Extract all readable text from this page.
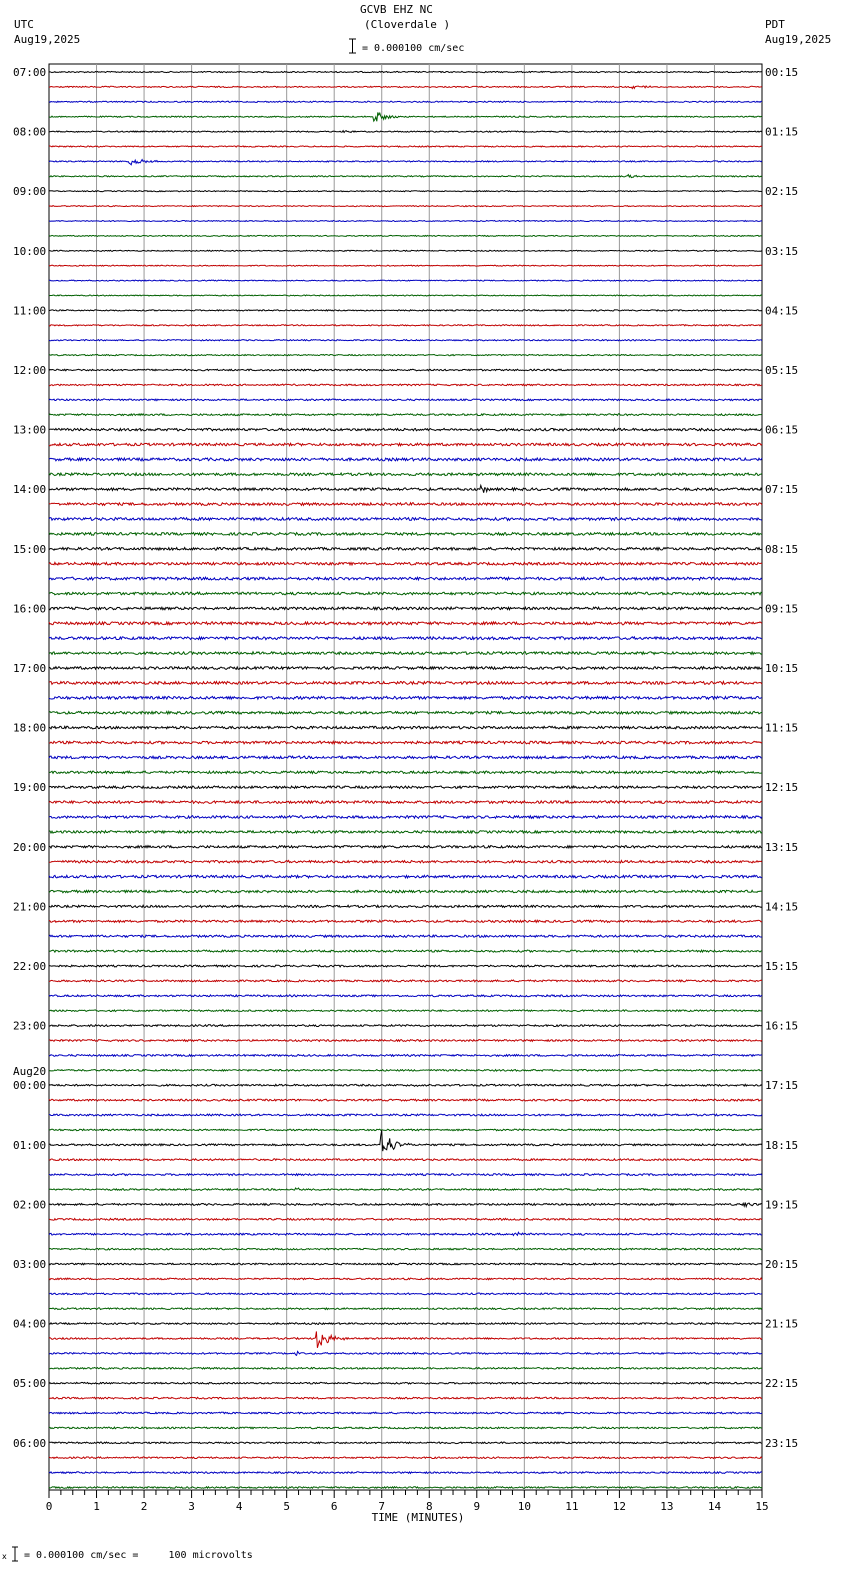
GCVB EHZ NC
(Cloverdale )
= 0.000100 cm/sec
UTC
Aug19,2025
PDT
Aug19,2025
07:00
08:00
09:00
10:00
11:00
12:00
13:00
14:00
15:00
16:00
17:00
18:00
19:00
20:00
21:00
22:00
23:00
00:00
01:00
02:00
03:00
04:00
05:00
06:00
00:15
01:15
02:15
03:15
04:15
05:15
06:15
07:15
08:15
09:15
10:15
11:15
12:15
13:15
14:15
15:15
16:15
17:15
18:15
19:15
20:15
21:15
22:15
23:15
Aug20
0	1	2	3	4	5	6	7	8	9	10	11	12	13	14	15
TIME (MINUTES)
x = 0.000100 cm/sec =     100 microvolts
